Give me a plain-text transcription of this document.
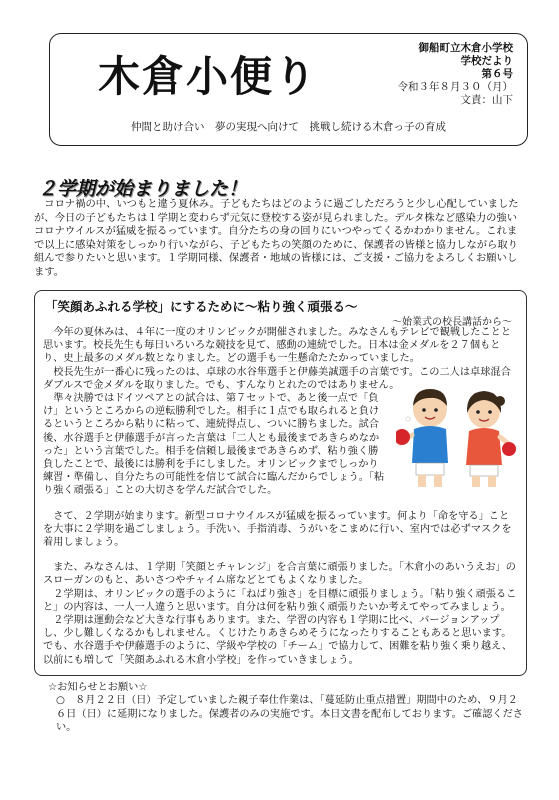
木倉小便り
御船町立木倉小学校
学校だより
第６号
令和３年８月３０（月）
文責：山下
仲間と助け合い　夢の実現へ向けて　挑戦し続ける木倉っ子の育成
２学期が始まりました！

コロナ禍の中、いつもと違う夏休み。子どもたちはどのように過ごしただろうと少し心配していましたが、今日の子どもたちは１学期と変わらず元気に登校する姿が見られました。デルタ株など感染力の強いコロナウイルスが猛威を振るっています。自分たちの身の回りにいつやってくるかわかりません。これまで以上に感染対策をしっかり行いながら、子どもたちの笑顔のために、保護者の皆様と協力しながら取り組んで参りたいと思います。１学期同様、保護者・地域の皆様には、ご支援・ご協力をよろしくお願いします。

「笑顔あふれる学校」にするために～粘り強く頑張る～
～始業式の校長講話から～

今年の夏休みは、４年に一度のオリンピックが開催されました。みなさんもテレビで観戦したことと思います。校長先生も毎日いろいろな競技を見て、感動の連続でした。日本は金メダルを２７個もとり、史上最多のメダル数となりました。どの選手も一生懸命たたかっていました。

校長先生が一番心に残ったのは、卓球の水谷隼選手と伊藤美誠選手の言葉です。この二人は卓球混合ダブルスで金メダルを取りました。でも、すんなりとれたのではありません。

準々決勝ではドイツペアとの試合は、第７セットで、あと後一点で「負け」というところからの逆転勝利でした。相手に１点でも取られると負けるというところから粘りに粘って、連続得点し、ついに勝ちました。試合後、水谷選手と伊藤選手が言った言葉は「二人とも最後まであきらめなかった」という言葉でした。相手を信頼し最後まであきらめず、粘り強く勝負したことで、最後には勝利を手にしました。オリンピックまでしっかり練習・準備し、自分たちの可能性を信じて試合に臨んだからでしょう。「粘り強く頑張る」ことの大切さを学んだ試合でした。

さて、２学期が始まります。新型コロナウイルスが猛威を振るっています。何より「命を守る」ことを大事に２学期を過ごしましょう。手洗い、手指消毒、うがいをこまめに行い、室内では必ずマスクを着用しましょう。

また、みなさんは、１学期「笑顔とチャレンジ」を合言葉に頑張りました。「木倉小のあいうえお」のスローガンのもと、あいさつやチャイム席などとてもよくなりました。

２学期は、オリンピックの選手のように「ねばり強さ」を目標に頑張りましょう。「粘り強く頑張ること」の内容は、一人一人違うと思います。自分は何を粘り強く頑張りたいか考えてやってみましょう。

２学期は運動会など大きな行事もあります。また、学習の内容も１学期に比べ、バージョンアップし、少し難しくなるかもしれません。くじけたりあきらめそうになったりすることもあると思います。でも、水谷選手や伊藤選手のように、学級や学校の「チーム」で協力して、困難を粘り強く乗り越え、以前にも増して「笑顔あふれる木倉小学校」を作っていきましょう。

☆お知らせとお願い☆

○　８月２２日（日）予定していました親子奉仕作業は、「蔓延防止重点措置」期間中のため、９月２６日（日）に延期になりました。保護者のみの実施です。本日文書を配布しております。ご確認ください。
